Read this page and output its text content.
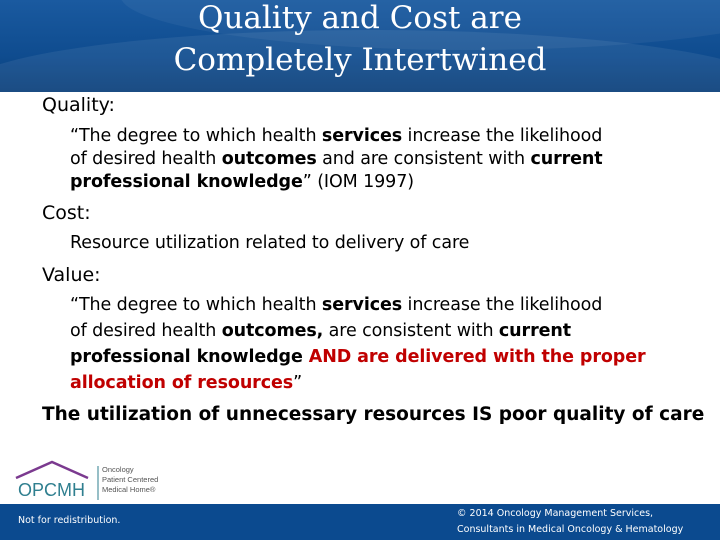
Quality and Cost are
Completely Intertwined
Quality:
“The degree to which health services increase the likelihood
of desired health outcomes and are consistent with current
professional knowledge” (IOM 1997)
Cost:
Resource utilization related to delivery of care
Value:
“The degree to which health services increase the likelihood
of desired health outcomes, are consistent with current
professional knowledge AND are delivered with the proper
allocation of resources”
The utilization of unnecessary resources IS poor quality of care
OPCMH
Oncology
Patient Centered
Medical Home®
Not for redistribution.
© 2014 Oncology Management Services,
Consultants in Medical Oncology & Hematology
